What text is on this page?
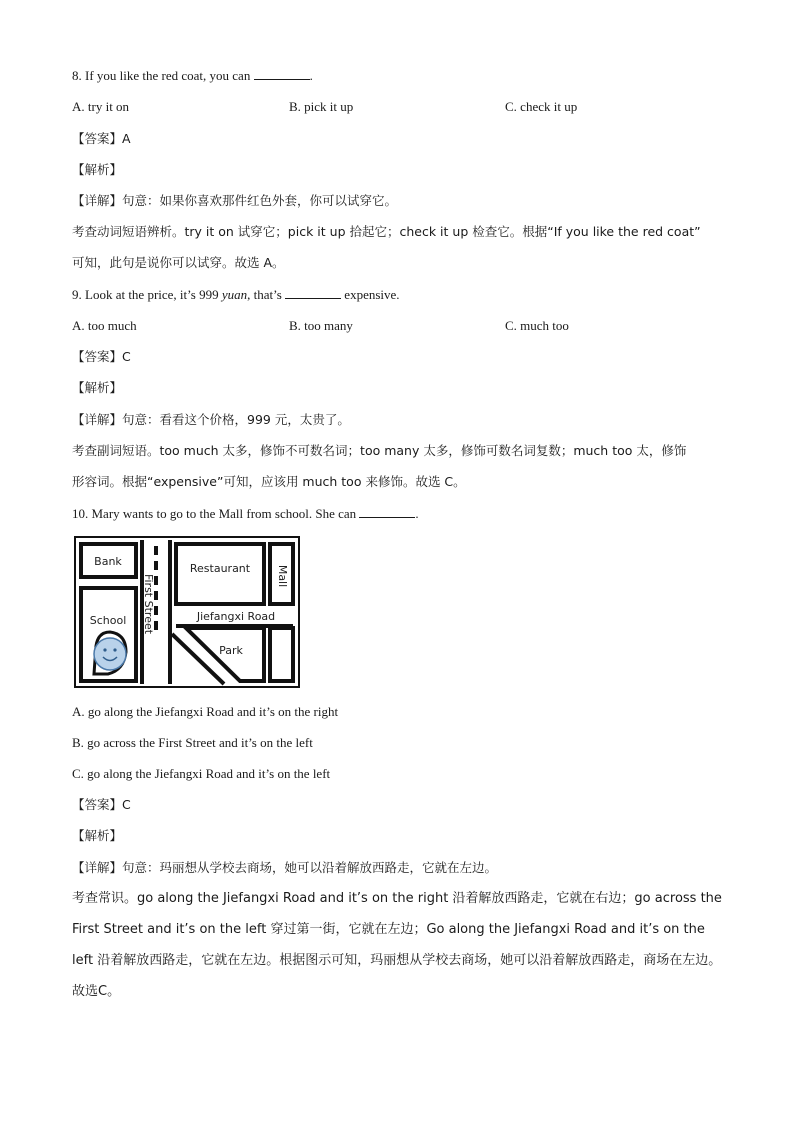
8. If you like the red coat, you can	.
A. try it on	B. pick it up	C. check it up
【答案】A
【解析】
【详解】句意：如果你喜欢那件红色外套，你可以试穿它。
考查动词短语辨析。try it on 试穿它；pick it up 拾起它；check it up 检查它。根据“If you like the red coat”
可知，此句是说你可以试穿。故选 A。
9. Look at the price, it’s 999 yuan, that’s	expensive.
A. too much	B. too many	C. much too
【答案】C
【解析】
【详解】句意：看看这个价格，999 元，太贵了。
考查副词短语。too much 太多，修饰不可数名词；too many 太多，修饰可数名词复数；much too 太，修饰
形容词。根据“expensive”可知，应该用 much too 来修饰。故选 C。
10. Mary wants to go to the Mall from school. She can	.
Bank
Restaurant Mall
First Street
School	Jiefangxi Road
Park
A. go along the Jiefangxi Road and it’s on the right
B. go across the First Street and it’s on the left
C. go along the Jiefangxi Road and it’s on the left
【答案】C
【解析】
【详解】句意：玛丽想从学校去商场，她可以沿着解放西路走，它就在左边。
考查常识。go along the Jiefangxi Road and it’s on the right 沿着解放西路走，它就在右边；go across the First Street and it’s on the left 穿过第一街，它就在左边；Go along the Jiefangxi Road and it’s on the left 沿着解放西路走，它就在左边。根据图示可知，玛丽想从学校去商场，她可以沿着解放西路走，商场在左边。故选C。
